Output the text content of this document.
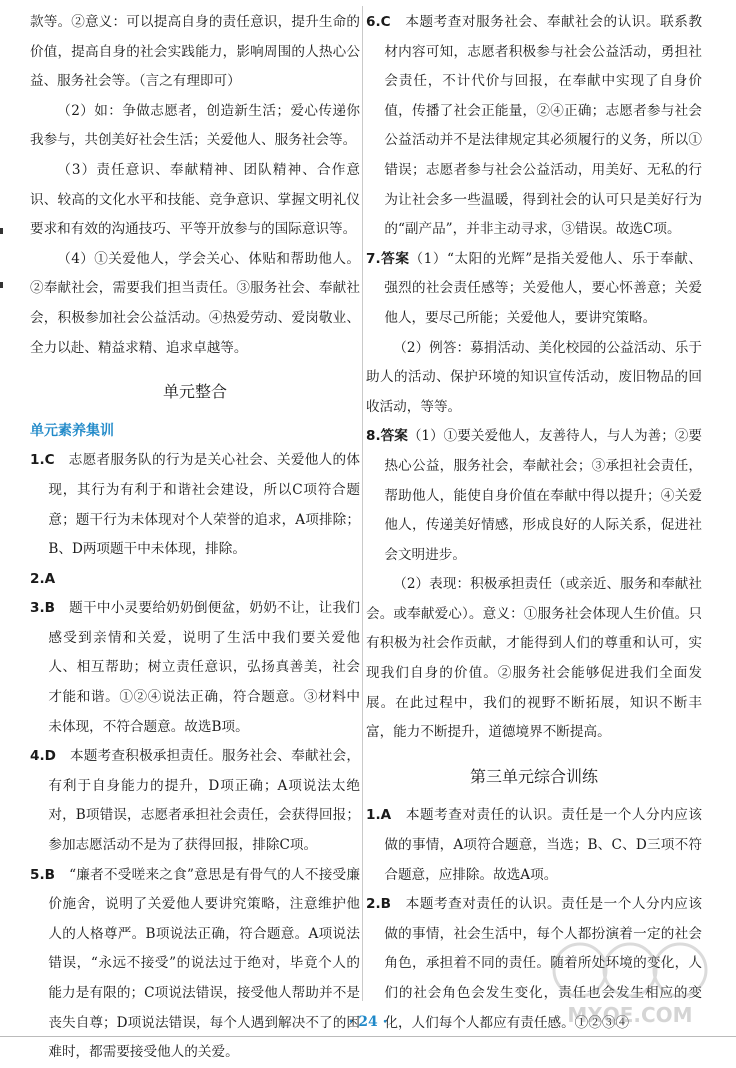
款等。②意义：可以提高自身的责任意识，提升生命的价值，提高自身的社会实践能力，影响周围的人热心公益、服务社会等。（言之有理即可）

（2）如：争做志愿者，创造新生活；爱心传递你我参与，共创美好社会生活；关爱他人、服务社会等。

（3）责任意识、奉献精神、团队精神、合作意识、较高的文化水平和技能、竞争意识、掌握文明礼仪要求和有效的沟通技巧、平等开放参与的国际意识等。

（4）①关爱他人，学会关心、体贴和帮助他人。②奉献社会，需要我们担当责任。③服务社会、奉献社会，积极参加社会公益活动。④热爱劳动、爱岗敬业、全力以赴、精益求精、追求卓越等。

单元整合
单元素养集训

1.C　志愿者服务队的行为是关心社会、关爱他人的体现，其行为有利于和谐社会建设，所以C项符合题意；题干行为未体现对个人荣誉的追求，A项排除；B、D两项题干中未体现，排除。

2.A

3.B　题干中小灵要给奶奶倒便盆，奶奶不让，让我们感受到亲情和关爱，说明了生活中我们要关爱他人、相互帮助；树立责任意识，弘扬真善美，社会才能和谐。①②④说法正确，符合题意。③材料中未体现，不符合题意。故选B项。

4.D　本题考查积极承担责任。服务社会、奉献社会，有利于自身能力的提升，D项正确；A项说法太绝对，B项错误，志愿者承担社会责任，会获得回报；参加志愿活动不是为了获得回报，排除C项。

5.B　“廉者不受嗟来之食”意思是有骨气的人不接受廉价施舍，说明了关爱他人要讲究策略，注意维护他人的人格尊严。B项说法正确，符合题意。A项说法错误，“永远不接受”的说法过于绝对，毕竟个人的能力是有限的；C项说法错误，接受他人帮助并不是丧失自尊；D项说法错误，每个人遇到解决不了的困难时，都需要接受他人的关爱。

6.C　本题考查对服务社会、奉献社会的认识。联系教材内容可知，志愿者积极参与社会公益活动，勇担社会责任，不计代价与回报，在奉献中实现了自身价值，传播了社会正能量，②④正确；志愿者参与社会公益活动并不是法律规定其必须履行的义务，所以①错误；志愿者参与社会公益活动，用美好、无私的行为让社会多一些温暖，得到社会的认可只是美好行为的“副产品”，并非主动寻求，③错误。故选C项。

7.答案（1）“太阳的光辉”是指关爱他人、乐于奉献、强烈的社会责任感等；关爱他人，要心怀善意；关爱他人，要尽己所能；关爱他人，要讲究策略。

（2）例答：募捐活动、美化校园的公益活动、乐于助人的活动、保护环境的知识宣传活动，废旧物品的回收活动，等等。

8.答案（1）①要关爱他人，友善待人，与人为善；②要热心公益，服务社会，奉献社会；③承担社会责任，帮助他人，能使自身价值在奉献中得以提升；④关爱他人，传递美好情感，形成良好的人际关系，促进社会文明进步。

（2）表现：积极承担责任（或亲近、服务和奉献社会。或奉献爱心）。意义：①服务社会体现人生价值。只有积极为社会作贡献，才能得到人们的尊重和认可，实现我们自身的价值。②服务社会能够促进我们全面发展。在此过程中，我们的视野不断拓展，知识不断丰富，能力不断提升，道德境界不断提高。

第三单元综合训练

1.A　本题考查对责任的认识。责任是一个人分内应该做的事情，A项符合题意，当选；B、C、D三项不符合题意，应排除。故选A项。

2.B　本题考查对责任的认识。责任是一个人分内应该做的事情，社会生活中，每个人都扮演着一定的社会角色，承担着不同的责任。随着所处环境的变化，人们的社会角色会发生变化，责任也会发生相应的变化，人们每个人都应有责任感。①②③④

MXQE.COM
· 24 ·
